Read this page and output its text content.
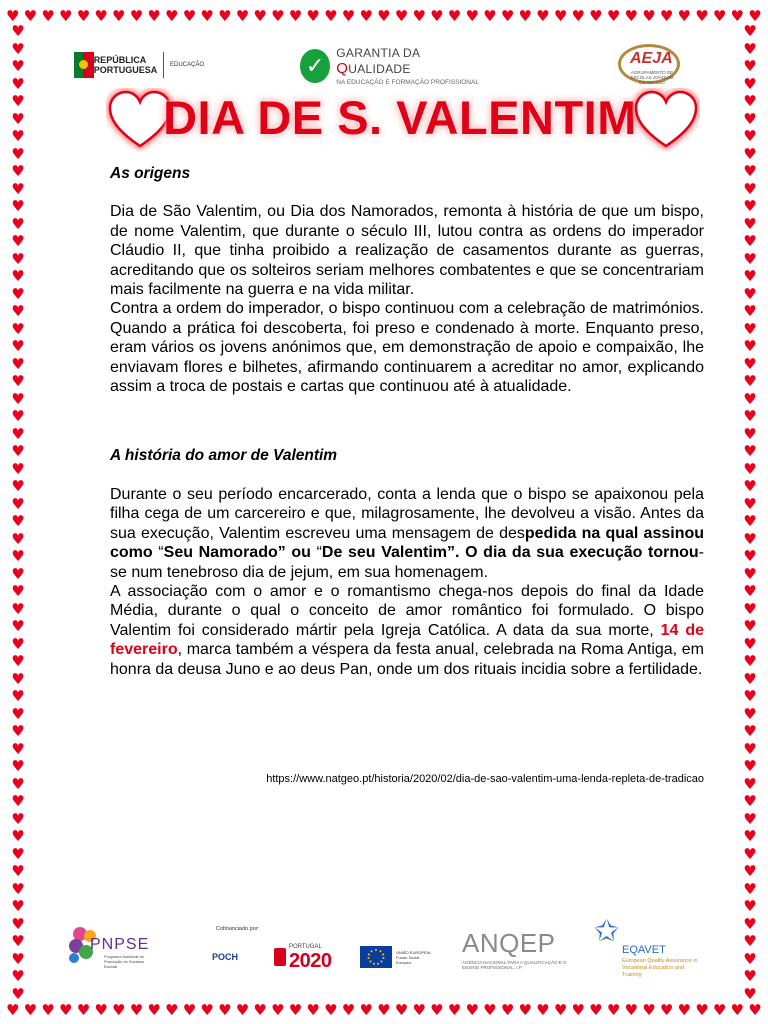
♥ ♥ ♥ ♥ ♥ ♥ ♥ ♥ ♥ ♥ ♥ ♥ ♥ ♥ ♥ ♥ ♥ ♥ ♥ ♥ ♥ ♥ ♥ ♥ ♥ ♥ ♥ ♥ ♥ ♥ ♥ ♥ ♥ ♥ ♥ ♥ ♥ ♥ ♥ ♥ ♥ ♥ ♥
♥ ♥ ♥ ♥ ♥ ♥ ♥ ♥ ♥ ♥ ♥ ♥ ♥ ♥ ♥ ♥ ♥ ♥ ♥ ♥ ♥ ♥ ♥ ♥ ♥ ♥ ♥ ♥ ♥ ♥ ♥ ♥ ♥ ♥ ♥ ♥ ♥ ♥ ♥ ♥ ♥ ♥ ♥
♥
♥
♥
♥
♥
♥
♥
♥
♥
♥
♥
♥
♥
♥
♥
♥
♥
♥
♥
♥
♥
♥
♥
♥
♥
♥
♥
♥
♥
♥
♥
♥
♥
♥
♥
♥
♥
♥
♥
♥
♥
♥
♥
♥
♥
♥
♥
♥
♥
♥
♥
♥
♥
♥
♥
♥
♥
♥
♥
♥
♥
♥
♥
♥
♥
♥
♥
♥
♥
♥
♥
♥
♥
♥
♥
♥
♥
♥
♥
♥
♥
♥
♥
♥
♥
♥
♥
♥
♥
♥
♥
♥
♥
♥
♥
♥
♥
♥
♥
♥
♥
♥
♥
♥
♥
♥
♥
♥
♥
♥
♥
♥
REPÚBLICA
PORTUGUESA EDUCAÇÃO	✓
GARANTIA DA QUALIDADE
NA EDUCAÇÃO E FORMAÇÃO PROFISSIONAL
AEJA
AGRUPAMENTO DE ESCOLAS JOAQUIM DE ARAÚJO
DIA DE S. VALENTIM
As origens

Dia de São Valentim, ou Dia dos Namorados, remonta à história de que um bispo, de nome Valentim, que durante o século III, lutou contra as ordens do imperador Cláudio II, que tinha proibido a realização de casamentos durante as guerras, acreditando que os solteiros seriam melhores combatentes e que se concentrariam mais facilmente na guerra e na vida militar.

Contra a ordem do imperador, o bispo continuou com a celebração de matrimónios. Quando a prática foi descoberta, foi preso e condenado à morte. Enquanto preso, eram vários os jovens anónimos que, em demonstração de apoio e compaixão, lhe enviavam flores e bilhetes, afirmando continuarem a acreditar no amor, explicando assim a troca de postais e cartas que continuou até à atualidade.

A história do amor de Valentim

Durante o seu período encarcerado, conta a lenda que o bispo se apaixonou pela filha cega de um carcereiro e que, milagrosamente, lhe devolveu a visão. Antes da sua execução, Valentim escreveu uma mensagem de despedida na qual assinou como “Seu Namorado” ou “De seu Valentim”. O dia da sua execução tornou-se num tenebroso dia de jejum, em sua homenagem.

A associação com o amor e o romantismo chega-nos depois do final da Idade Média, durante o qual o conceito de amor romântico foi formulado. O bispo Valentim foi considerado mártir pela Igreja Católica. A data da sua morte, 14 de fevereiro, marca também a véspera da festa anual, celebrada na Roma Antiga, em honra da deusa Juno e ao deus Pan, onde um dos rituais incidia sobre a fertilidade.

https://www.natgeo.pt/historia/2020/02/dia-de-sao-valentim-uma-lenda-repleta-de-tradicao
PNPSE
Programa Nacional de Promoção do Sucesso Escolar
Cofinanciado por:
POCH
PORTUGAL
2020	UNIÃO EUROPEIA Fundo Social Europeu
ANQEP
AGÊNCIA NACIONAL PARA A QUALIFICAÇÃO E O ENSINO PROFISSIONAL, I.P.
✩
EQAVET
European Quality Assurance in Vocational Education and Training
